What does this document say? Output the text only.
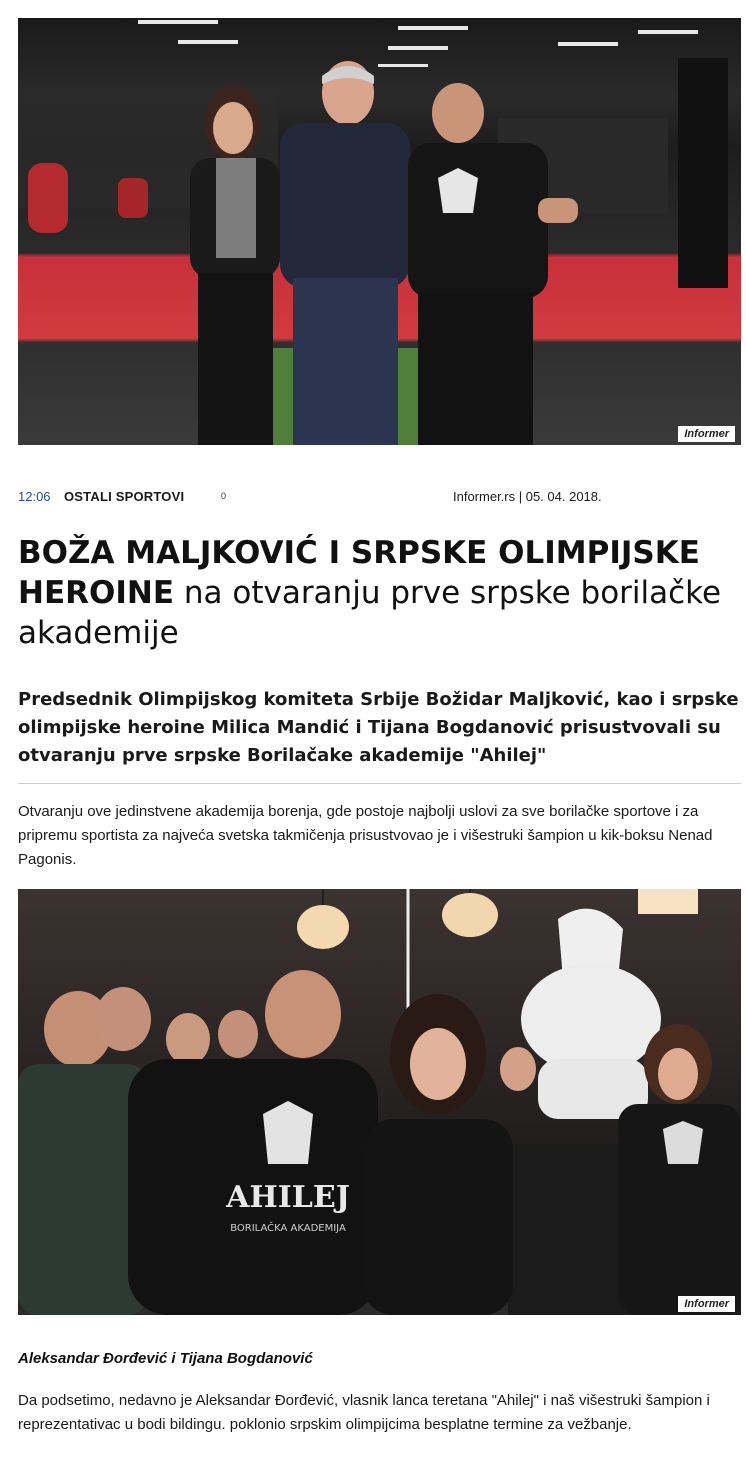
Informer
12:06 OSTALI SPORTOVI	0	Informer.rs | 05. 04. 2018.
BOŽA MALJKOVIĆ I SRPSKE OLIMPIJSKE HEROINE na otvaranju prve srpske borilačke akademije

Predsednik Olimpijskog komiteta Srbije Božidar Maljković, kao i srpske olimpijske heroine Milica Mandić i Tijana Bogdanović prisustvovali su otvaranju prve srpske Borilačake akademije "Ahilej"

Otvaranju ove jedinstvene akademija borenja, gde postoje najbolji uslovi za sve borilačke sportove i za pripremu sportista za najveća svetska takmičenja prisustvovao je i višestruki šampion u kik-boksu Nenad Pagonis.

AHILEJ
BORILAČKA AKADEMIJA
Informer

Aleksandar Đorđević i Tijana Bogdanović

Da podsetimo, nedavno je Aleksandar Đorđević, vlasnik lanca teretana "Ahilej" i naš višestruki šampion i reprezentativac u bodi bildingu. poklonio srpskim olimpijcima besplatne termine za vežbanje.
